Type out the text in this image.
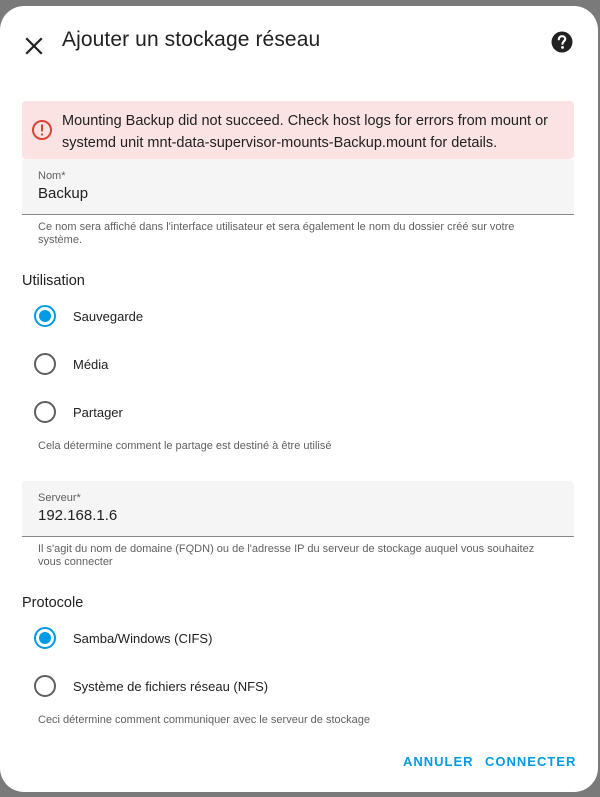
Ajouter un stockage réseau
Mounting Backup did not succeed. Check host logs for errors from mount or systemd unit mnt-data-supervisor-mounts-Backup.mount for details.
Nom*
Backup
Ce nom sera affiché dans l'interface utilisateur et sera également le nom du dossier créé sur votre système.
Utilisation
Sauvegarde
Média
Partager
Cela détermine comment le partage est destiné à être utilisé
Serveur*
192.168.1.6
Il s'agit du nom de domaine (FQDN) ou de l'adresse IP du serveur de stockage auquel vous souhaitez vous connecter
Protocole
Samba/Windows (CIFS)
Système de fichiers réseau (NFS)
Ceci détermine comment communiquer avec le serveur de stockage
ANNULER CONNECTER
